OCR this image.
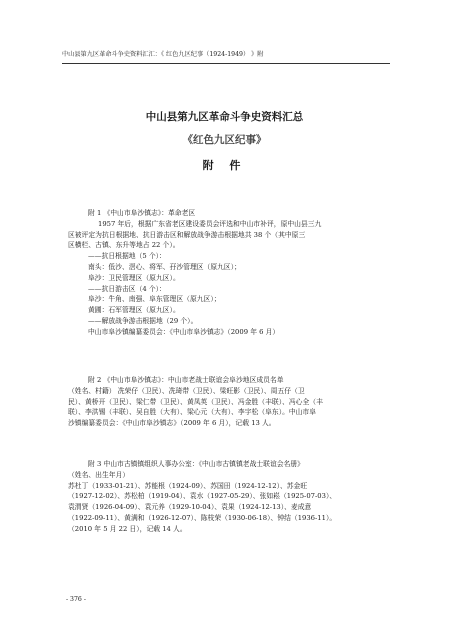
中山县第九区革命斗争史资料汇汇：《 红色九区纪事（1924-1949） 》附
中山县第九区革命斗争史资料汇总
《红色九区纪事》
附 件
附 1 《中山市阜沙镇志》：革命老区
1957 年后，根据广东省老区建设委员会评选和中山市补评，原中山县三九
区被评定为抗日根据地、抗日游击区和解放战争游击根据地共 38 个（其中原三
区横栏、古镇、东升等地占 22 个）。
——抗日根据地（5 个）：
南头：低沙、滘心、将军、孖沙管理区（原九区）；
阜沙：卫民管理区（原九区）。
——抗日游击区（4 个）：
阜沙：牛角、南强、阜东管理区（原九区）；
黄圃：石军管理区（原九区）。
——解放战争游击根据地（29 个）。
中山市阜沙镇编纂委员会：《中山市阜沙镇志》（2009 年 6 月）
附 2 《中山市阜沙镇志》：中山市老战士联谊会阜沙地区成员名单
（姓名、村籍） 冼荣仔（卫民）、冼琦带（卫民）、梁旺影（卫民）、周五仔（卫
民）、黄桥开（卫民）、梁仁带（卫民）、黄凤英（卫民）、冯金胜（丰联）、冯心全（丰
联）、李洪锡（丰联）、吴自胜（大有）、梁心元（大有）、李宇松（阜东）。中山市阜
沙镇编纂委员会：《中山市阜沙镇志》（2009 年 6 月），记载 13 人。
附 3 中山市古镇镇组织人事办公室：《中山市古镇镇老战士联谊会名册》
（姓名、出生年月）
苏杜丁（1933-01-21）、苏能根（1924-09）、苏国田（1924-12-12）、苏金旺
（1927-12-02）、苏松柏（1919-04）、袁水（1927-05-29）、张如崧（1925-07-03）、
袁渭贤（1926-04-09）、袁元养（1929-10-04）、袁果（1924-12-13）、麦成意
（1922-09-11）、黄满和（1926-12-07）、陈枝荣（1930-06-18）、钟结（1936-11）。
（2010 年 5 月 22 日），记载 14 人。
- 376 -
